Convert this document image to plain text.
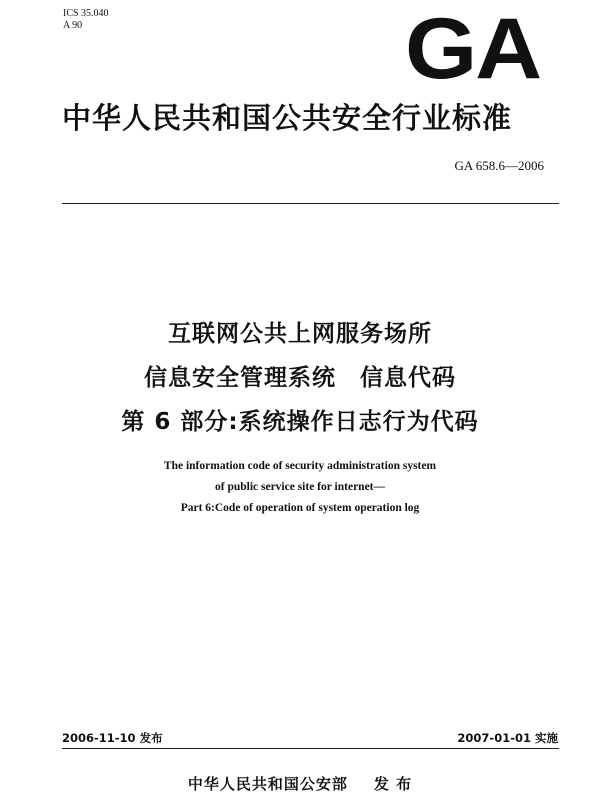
ICS 35.040
A 90	GA
中华人民共和国公共安全行业标准
GA 658.6—2006
互联网公共上网服务场所
信息安全管理系统　信息代码
第 6 部分:系统操作日志行为代码
The information code of security administration system
of public service site for internet—
Part 6:Code of operation of system operation log
2006-11-10 发布	2007-01-01 实施
中华人民共和国公安部 发 布
